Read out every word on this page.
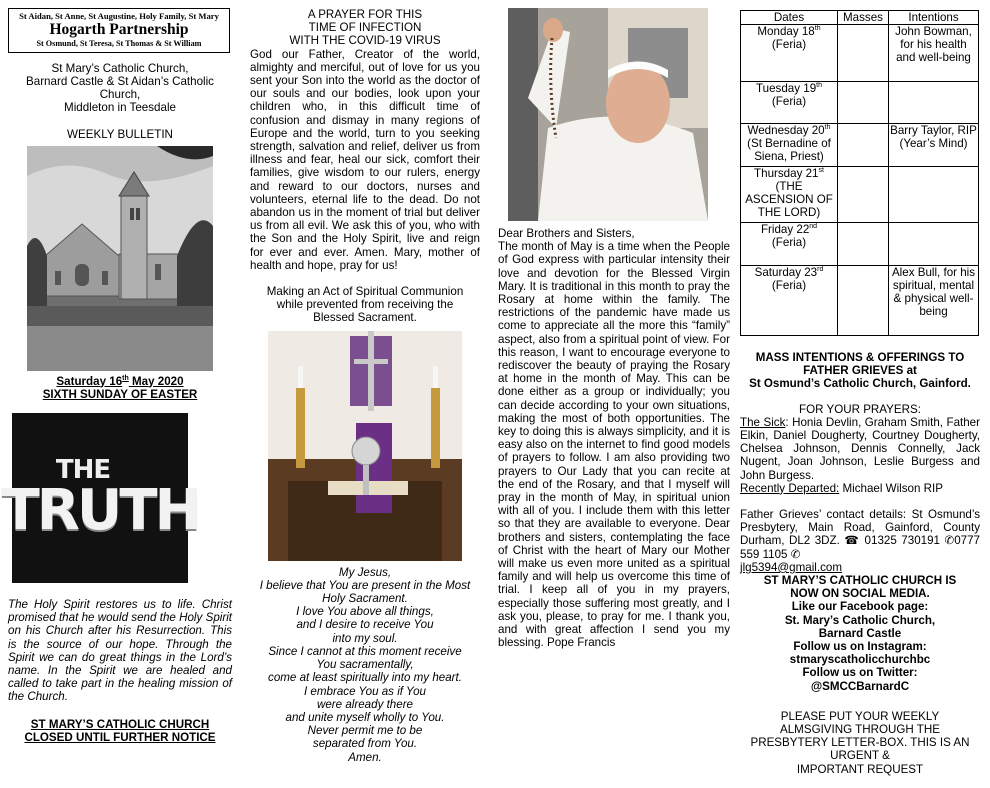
St Aidan, St Anne, St Augustine, Holy Family, St Mary
Hogarth Partnership
St Osmund, St Teresa, St Thomas & St William
St Mary’s Catholic Church,
Barnard Castle & St Aidan’s Catholic
Church,
Middleton in Teesdale
WEEKLY BULLETIN
Saturday 16th May 2020
SIXTH SUNDAY OF EASTER
THE
TRUTH

The Holy Spirit restores us to life. Christ promised that he would send the Holy Spirit on his Church after his Resurrection. This is the source of our hope. Through the Spirit we can do great things in the Lord’s name. In the Spirit we are healed and called to take part in the healing mission of the Church.

ST MARY’S CATHOLIC CHURCH
CLOSED UNTIL FURTHER NOTICE
A PRAYER FOR THIS
TIME OF INFECTION
WITH THE COVID-19 VIRUS

God our Father, Creator of the world, almighty and merciful, out of love for us you sent your Son into the world as the doctor of our souls and our bodies, look upon your children who, in this difficult time of confusion and dismay in many regions of Europe and the world, turn to you seeking strength, salvation and relief, deliver us from illness and fear, heal our sick, comfort their families, give wisdom to our rulers, energy and reward to our doctors, nurses and volunteers, eternal life to the dead. Do not abandon us in the moment of trial but deliver us from all evil. We ask this of you, who with the Son and the Holy Spirit, live and reign for ever and ever. Amen. Mary, mother of health and hope, pray for us!

Making an Act of Spiritual Communion
while prevented from receiving the
Blessed Sacrament.
My Jesus,
I believe that You are present in the Most
Holy Sacrament.
I love You above all things,
and I desire to receive You
into my soul.
Since I cannot at this moment receive
You sacramentally,
come at least spiritually into my heart.
I embrace You as if You
were already there
and unite myself wholly to You.
Never permit me to be
separated from You.
Amen.

Dear Brothers and Sisters,

The month of May is a time when the People of God express with particular intensity their love and devotion for the Blessed Virgin Mary. It is traditional in this month to pray the Rosary at home within the family. The restrictions of the pandemic have made us come to appreciate all the more this “family” aspect, also from a spiritual point of view. For this reason, I want to encourage everyone to rediscover the beauty of praying the Rosary at home in the month of May. This can be done either as a group or individually; you can decide according to your own situations, making the most of both opportunities. The key to doing this is always simplicity, and it is easy also on the internet to find good models of prayers to follow. I am also providing two prayers to Our Lady that you can recite at the end of the Rosary, and that I myself will pray in the month of May, in spiritual union with all of you. I include them with this letter so that they are available to everyone. Dear brothers and sisters, contemplating the face of Christ with the heart of Mary our Mother will make us even more united as a spiritual family and will help us overcome this time of trial. I keep all of you in my prayers, especially those suffering most greatly, and I ask you, please, to pray for me. I thank you, and with great affection I send you my blessing. Pope Francis

Dates	Masses	Intentions
Monday 18th
(Feria)		John Bowman, for his health and well-being
Tuesday 19th
(Feria)		
Wednesday 20th
(St Bernadine of Siena, Priest)		Barry Taylor, RIP (Year’s Mind)
Thursday 21st
(THE ASCENSION OF THE LORD)		
Friday 22nd
(Feria)		
Saturday 23rd
(Feria)		Alex Bull, for his spiritual, mental & physical well-being
MASS INTENTIONS & OFFERINGS TO
FATHER GRIEVES at
St Osmund’s Catholic Church, Gainford.
FOR YOUR PRAYERS:

The Sick: Honia Devlin, Graham Smith, Father Elkin, Daniel Dougherty, Courtney Dougherty, Chelsea Johnson, Dennis Connelly, Jack Nugent, Joan Johnson, Leslie Burgess and John Burgess.

Recently Departed: Michael Wilson RIP

Father Grieves’ contact details: St Osmund’s Presbytery, Main Road, Gainford, County Durham, DL2 3DZ. ☎ 01325 730191 ✆0777 559 1105 ✆
jlg5394@gmail.com

ST MARY’S CATHOLIC CHURCH IS
NOW ON SOCIAL MEDIA.
Like our Facebook page:
St. Mary’s Catholic Church,
Barnard Castle
Follow us on Instagram:
stmaryscatholicchurchbc
Follow us on Twitter:
@SMCCBarnardC
PLEASE PUT YOUR WEEKLY
ALMSGIVING THROUGH THE
PRESBYTERY LETTER-BOX. THIS IS AN
URGENT &
IMPORTANT REQUEST
